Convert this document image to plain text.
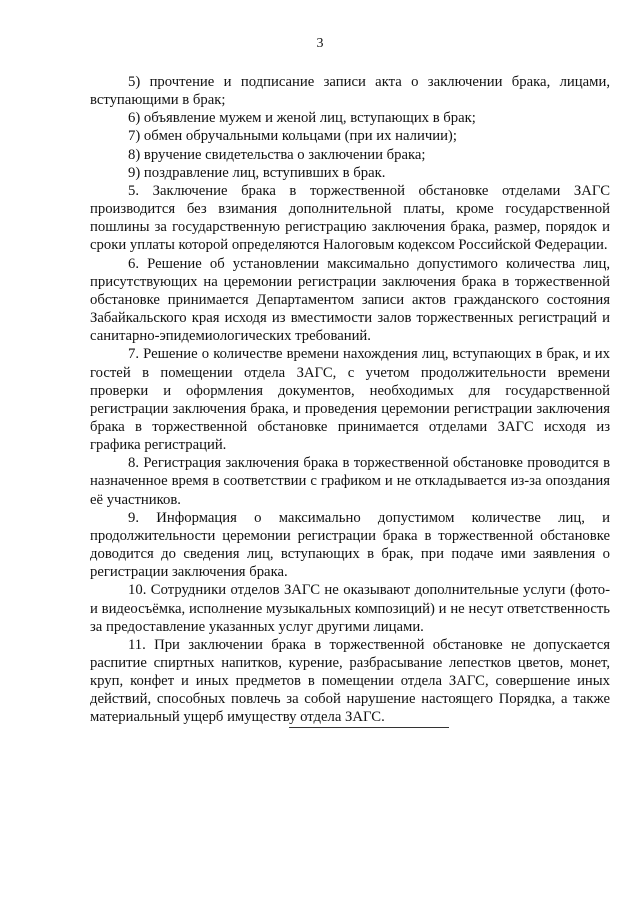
3

5) прочтение и подписание записи акта о заключении брака, лицами, вступающими в брак;

6) объявление мужем и женой лиц, вступающих в брак;

7) обмен обручальными кольцами (при их наличии);

8) вручение свидетельства о заключении брака;

9) поздравление лиц, вступивших в брак.

5. Заключение брака в торжественной обстановке отделами ЗАГС производится без взимания дополнительной платы, кроме государственной пошлины за государственную регистрацию заключения брака, размер, порядок и сроки уплаты которой определяются Налоговым кодексом Российской Федерации.

6. Решение об установлении максимально допустимого количества лиц, присутствующих на церемонии регистрации заключения брака в торжественной обстановке принимается Департаментом записи актов гражданского состояния Забайкальского края исходя из вместимости залов торжественных регистраций и санитарно-эпидемиологических требований.

7. Решение о количестве времени нахождения лиц, вступающих в брак, и их гостей в помещении отдела ЗАГС, с учетом продолжительности времени проверки и оформления документов, необходимых для государственной регистрации заключения брака, и проведения церемонии регистрации заключения брака в торжественной обстановке принимается отделами ЗАГС исходя из графика регистраций.

8. Регистрация заключения брака в торжественной обстановке проводится в назначенное время в соответствии с графиком и не откладывается из-за опоздания её участников.

9. Информация о максимально допустимом количестве лиц, и продолжительности церемонии регистрации брака в торжественной обстановке доводится до сведения лиц, вступающих в брак, при подаче ими заявления о регистрации заключения брака.

10. Сотрудники отделов ЗАГС не оказывают дополнительные услуги (фото- и видеосъёмка, исполнение музыкальных композиций) и не несут ответственность за предоставление указанных услуг другими лицами.

11. При заключении брака в торжественной обстановке не допускается распитие спиртных напитков, курение, разбрасывание лепестков цветов, монет, круп, конфет и иных предметов в помещении отдела ЗАГС, совершение иных действий, способных повлечь за собой нарушение настоящего Порядка, а также материальный ущерб имуществу отдела ЗАГС.
